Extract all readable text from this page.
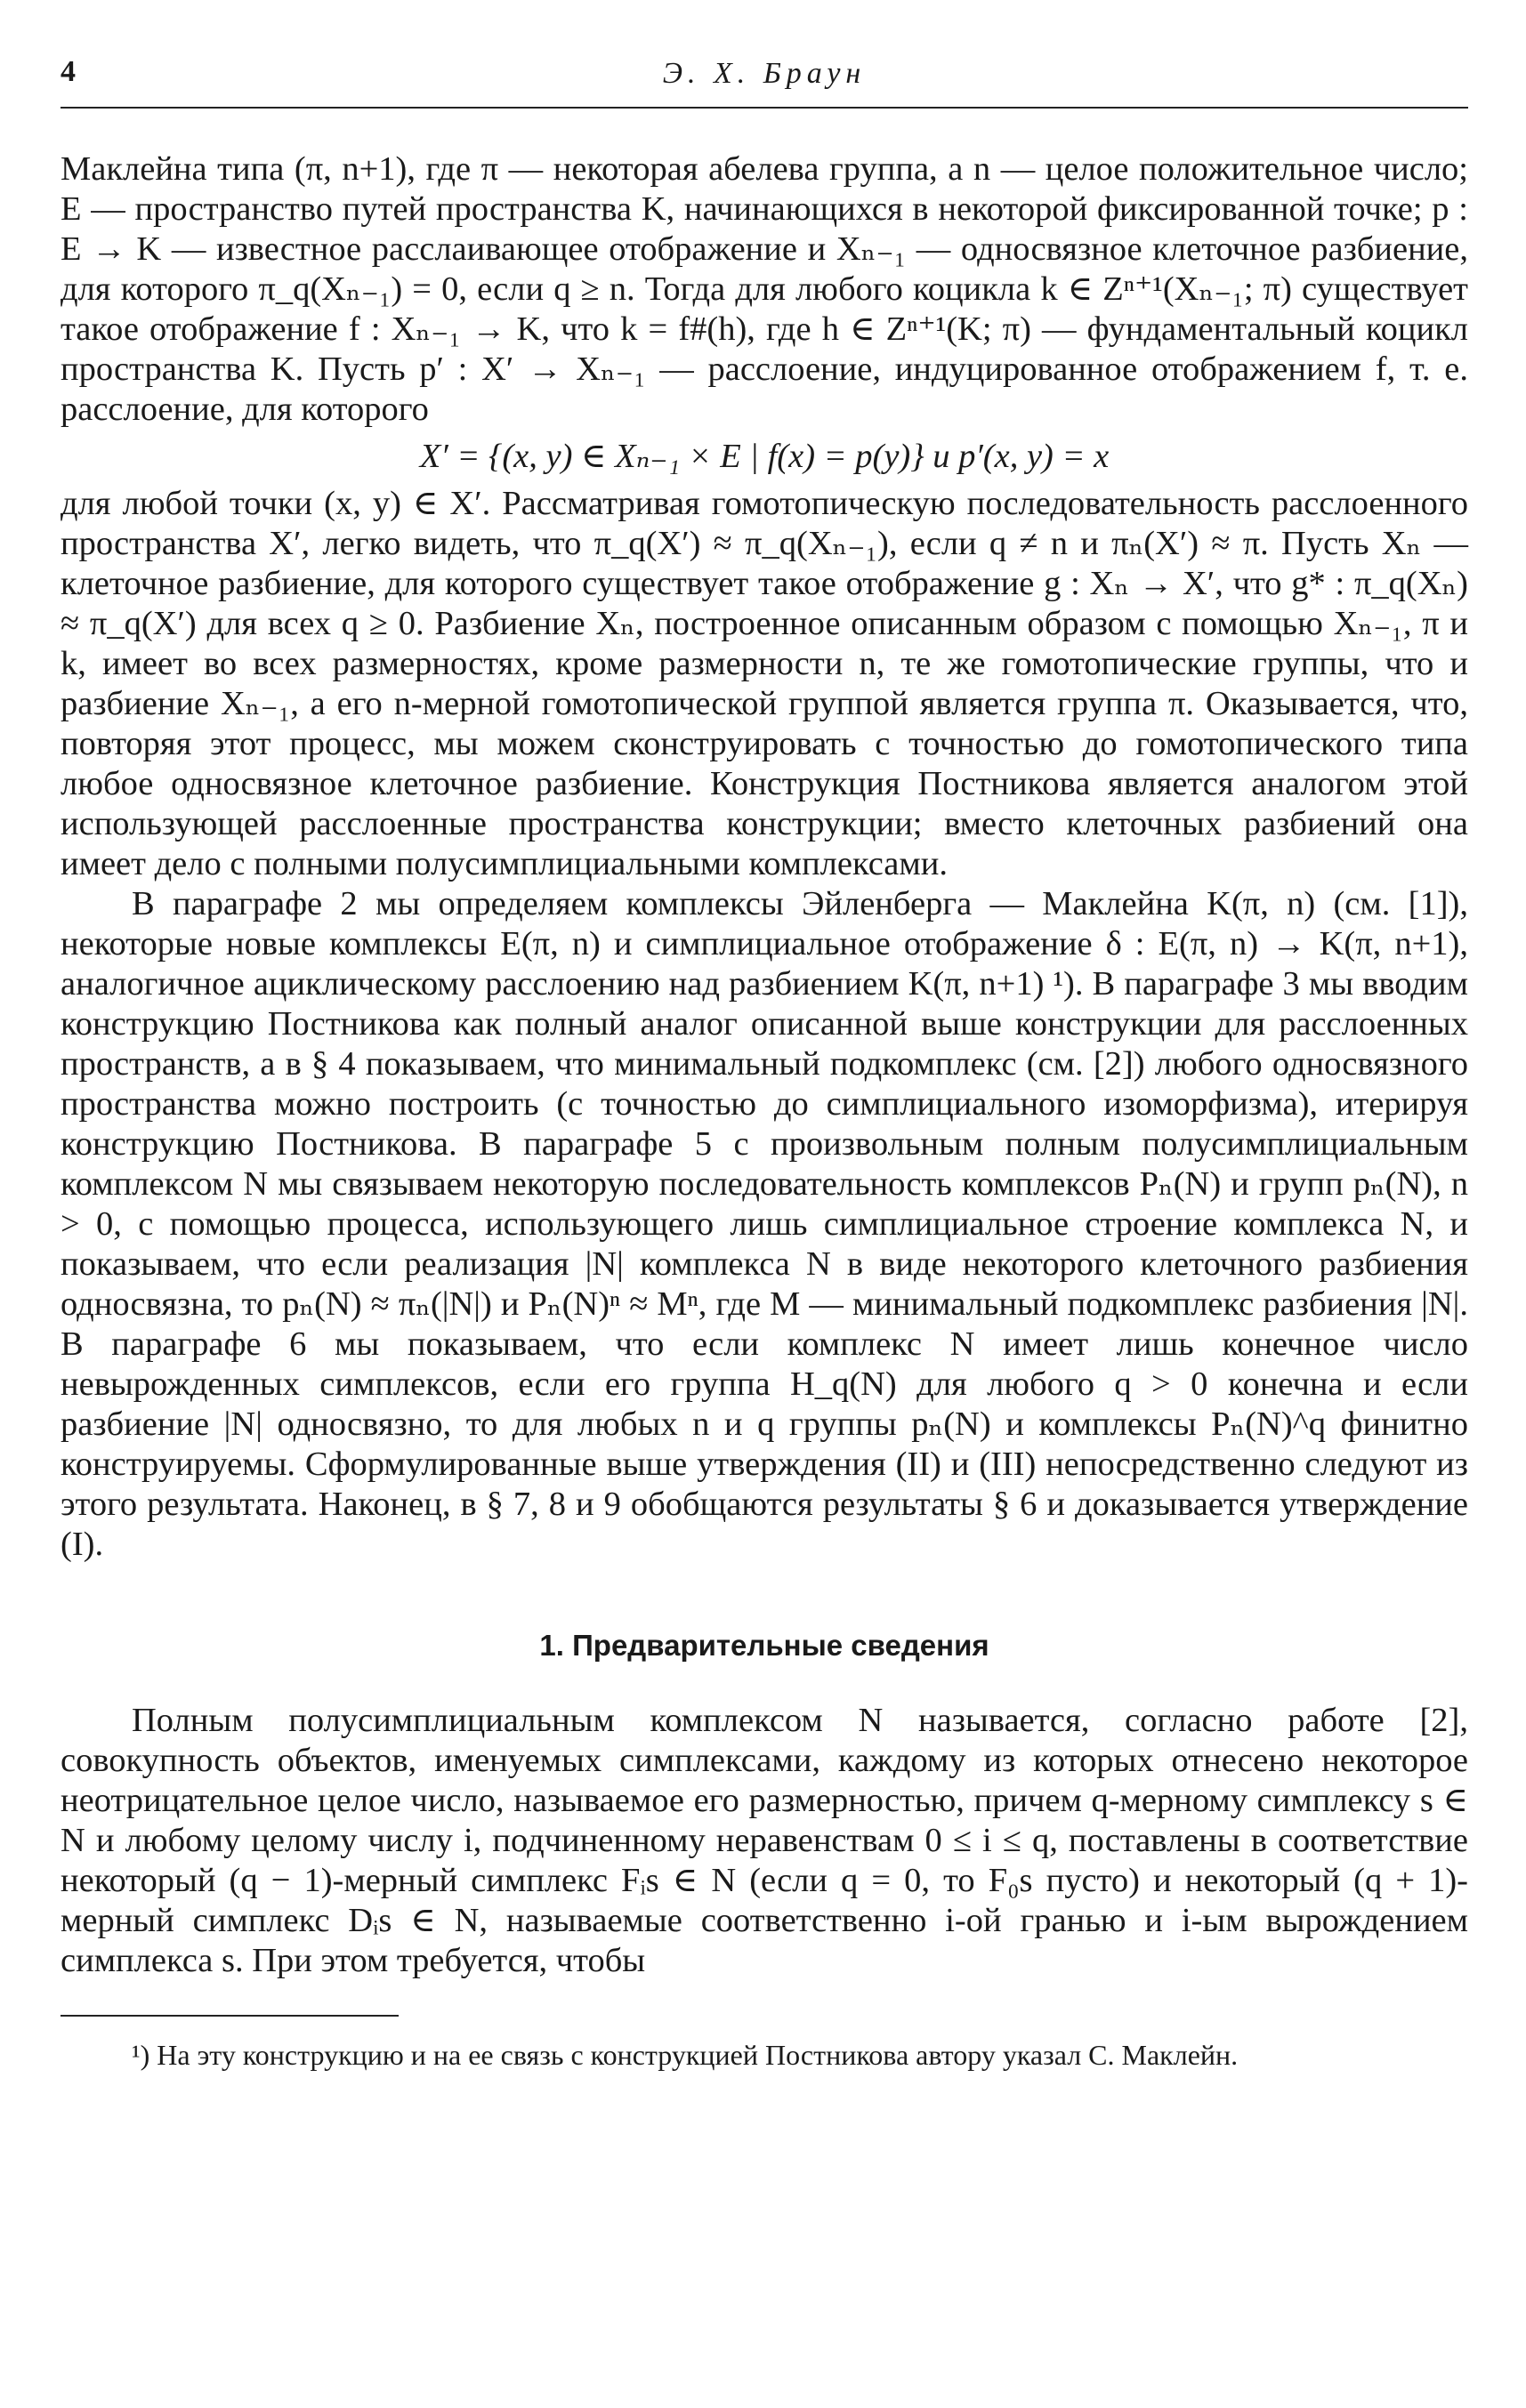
4	Э. Х. Браун

Маклейна типа (π, n+1), где π — некоторая абелева группа, а n — целое положительное число; E — пространство путей пространства K, начинающихся в некоторой фиксированной точке; p : E → K — известное расслаивающее отображение и Xₙ₋₁ — односвязное клеточное разбиение, для которого π_q(Xₙ₋₁) = 0, если q ≥ n. Тогда для любого коцикла k ∈ Zⁿ⁺¹(Xₙ₋₁; π) существует такое отображение f : Xₙ₋₁ → K, что k = f#(h), где h ∈ Zⁿ⁺¹(K; π) — фундаментальный коцикл пространства K. Пусть p′ : X′ → Xₙ₋₁ — расслоение, индуцированное отображением f, т. е. расслоение, для которого

X′ = {(x, y) ∈ Xₙ₋₁ × E | f(x) = p(y)} и p′(x, y) = x

для любой точки (x, y) ∈ X′. Рассматривая гомотопическую последовательность расслоенного пространства X′, легко видеть, что π_q(X′) ≈ π_q(Xₙ₋₁), если q ≠ n и πₙ(X′) ≈ π. Пусть Xₙ — клеточное разбиение, для которого существует такое отображение g : Xₙ → X′, что g* : π_q(Xₙ) ≈ π_q(X′) для всех q ≥ 0. Разбиение Xₙ, построенное описанным образом с помощью Xₙ₋₁, π и k, имеет во всех размерностях, кроме размерности n, те же гомотопические группы, что и разбиение Xₙ₋₁, а его n-мерной гомотопической группой является группа π. Оказывается, что, повторяя этот процесс, мы можем сконструировать с точностью до гомотопического типа любое односвязное клеточное разбиение. Конструкция Постникова является аналогом этой использующей расслоенные пространства конструкции; вместо клеточных разбиений она имеет дело с полными полусимплициальными комплексами.

В параграфе 2 мы определяем комплексы Эйленберга — Маклейна K(π, n) (см. [1]), некоторые новые комплексы E(π, n) и симплициальное отображение δ : E(π, n) → K(π, n+1), аналогичное ациклическому расслоению над разбиением K(π, n+1) ¹). В параграфе 3 мы вводим конструкцию Постникова как полный аналог описанной выше конструкции для расслоенных пространств, а в § 4 показываем, что минимальный подкомплекс (см. [2]) любого односвязного пространства можно построить (с точностью до симплициального изоморфизма), итерируя конструкцию Постникова. В параграфе 5 с произвольным полным полусимплициальным комплексом N мы связываем некоторую последовательность комплексов Pₙ(N) и групп pₙ(N), n > 0, с помощью процесса, использующего лишь симплициальное строение комплекса N, и показываем, что если реализация |N| комплекса N в виде некоторого клеточного разбиения односвязна, то pₙ(N) ≈ πₙ(|N|) и Pₙ(N)ⁿ ≈ Mⁿ, где M — минимальный подкомплекс разбиения |N|. В параграфе 6 мы показываем, что если комплекс N имеет лишь конечное число невырожденных симплексов, если его группа H_q(N) для любого q > 0 конечна и если разбиение |N| односвязно, то для любых n и q группы pₙ(N) и комплексы Pₙ(N)^q финитно конструируемы. Сформулированные выше утверждения (II) и (III) непосредственно следуют из этого результата. Наконец, в § 7, 8 и 9 обобщаются результаты § 6 и доказывается утверждение (I).

1. Предварительные сведения

Полным полусимплициальным комплексом N называется, согласно работе [2], совокупность объектов, именуемых симплексами, каждому из которых отнесено некоторое неотрицательное целое число, называемое его размерностью, причем q-мерному симплексу s ∈ N и любому целому числу i, подчиненному неравенствам 0 ≤ i ≤ q, поставлены в соответствие некоторый (q − 1)-мерный симплекс Fᵢs ∈ N (если q = 0, то F₀s пусто) и некоторый (q + 1)-мерный симплекс Dᵢs ∈ N, называемые соответственно i-ой гранью и i-ым вырождением симплекса s. При этом требуется, чтобы

¹) На эту конструкцию и на ее связь с конструкцией Постникова автору указал С. Маклейн.
